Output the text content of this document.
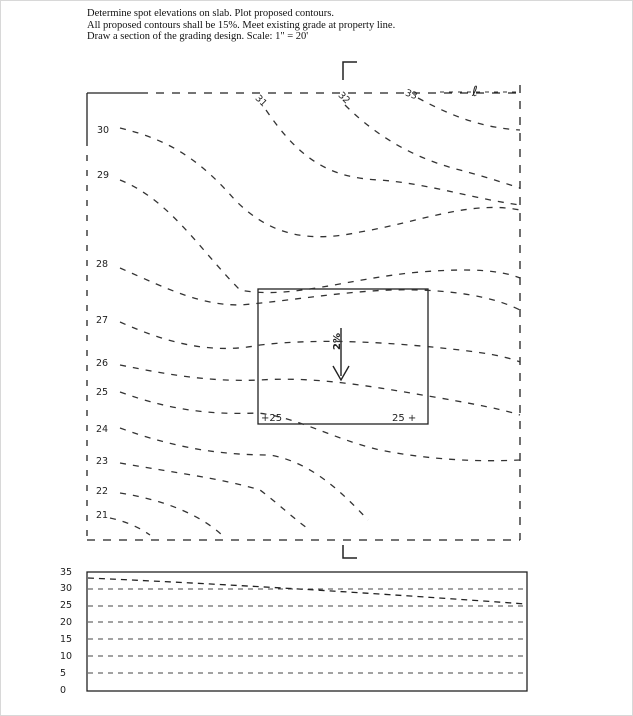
Determine spot elevations on slab. Plot proposed contours.
All proposed contours shall be 15%. Meet existing grade at property line.
Draw a section of the grading design. Scale: 1" = 20'
ℓ
30
29
28
27
26
25
24
23
22
21
31	32	33
2%
+25	25 +
35
30
25
20
15
10
5
0
